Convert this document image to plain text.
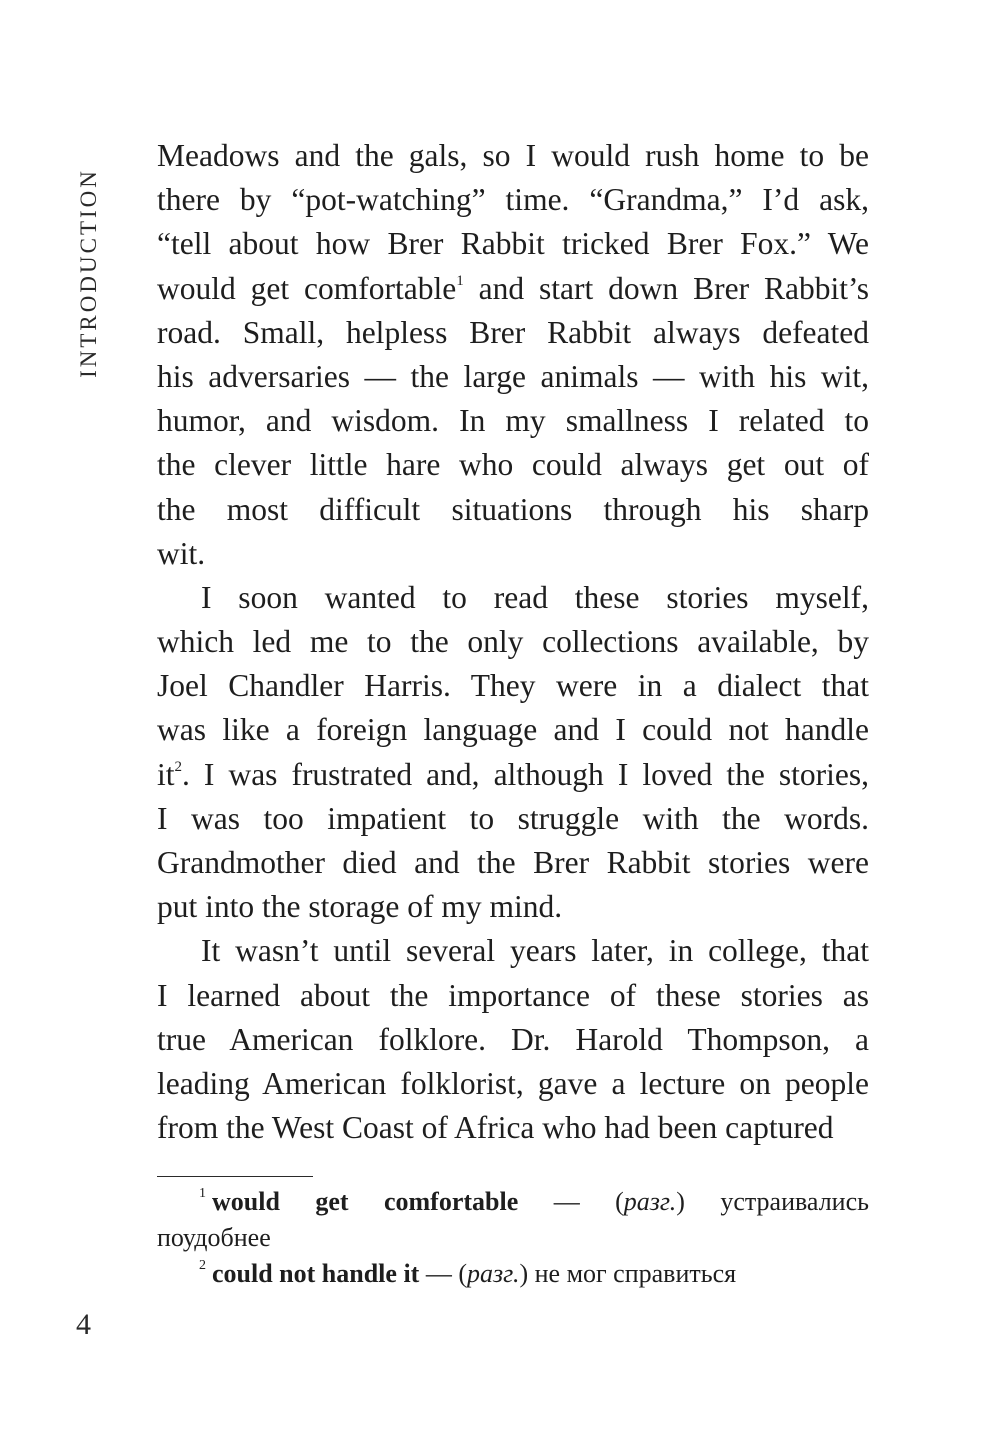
INTRODUCTION
Meadows and the gals, so I would rush home to be
there by “pot-watching” time. “Grandma,” I’d ask,
“tell about how Brer Rabbit tricked Brer Fox.” We
would get comfortable$^1$ and start down Brer Rabbit’s
road. Small, helpless Brer Rabbit always defeated
his adversaries — the large animals — with his wit,
humor, and wisdom. In my smallness I related to
the clever little hare who could always get out of
the most difficult situations through his sharp
wit.
I soon wanted to read these stories myself,
which led me to the only collections available, by
Joel Chandler Harris. They were in a dialect that
was like a foreign language and I could not handle
$it^2$. I was frustrated and, although I loved the stories,
I was too impatient to struggle with the words.
Grandmother died and the Brer Rabbit stories were
put into the storage of my mind.
It wasn’t until several years later, in college, that
I learned about the importance of these stories as
true American folklore. Dr. Harold Thompson, a
leading American folklorist, gave a lecture on people
from the West Coast of Africa who had been captured
$^1$ would get comfortable — (разг.) устраивались
поудобнее
$^2$ could not handle it — (разг.) не мог справиться
4
